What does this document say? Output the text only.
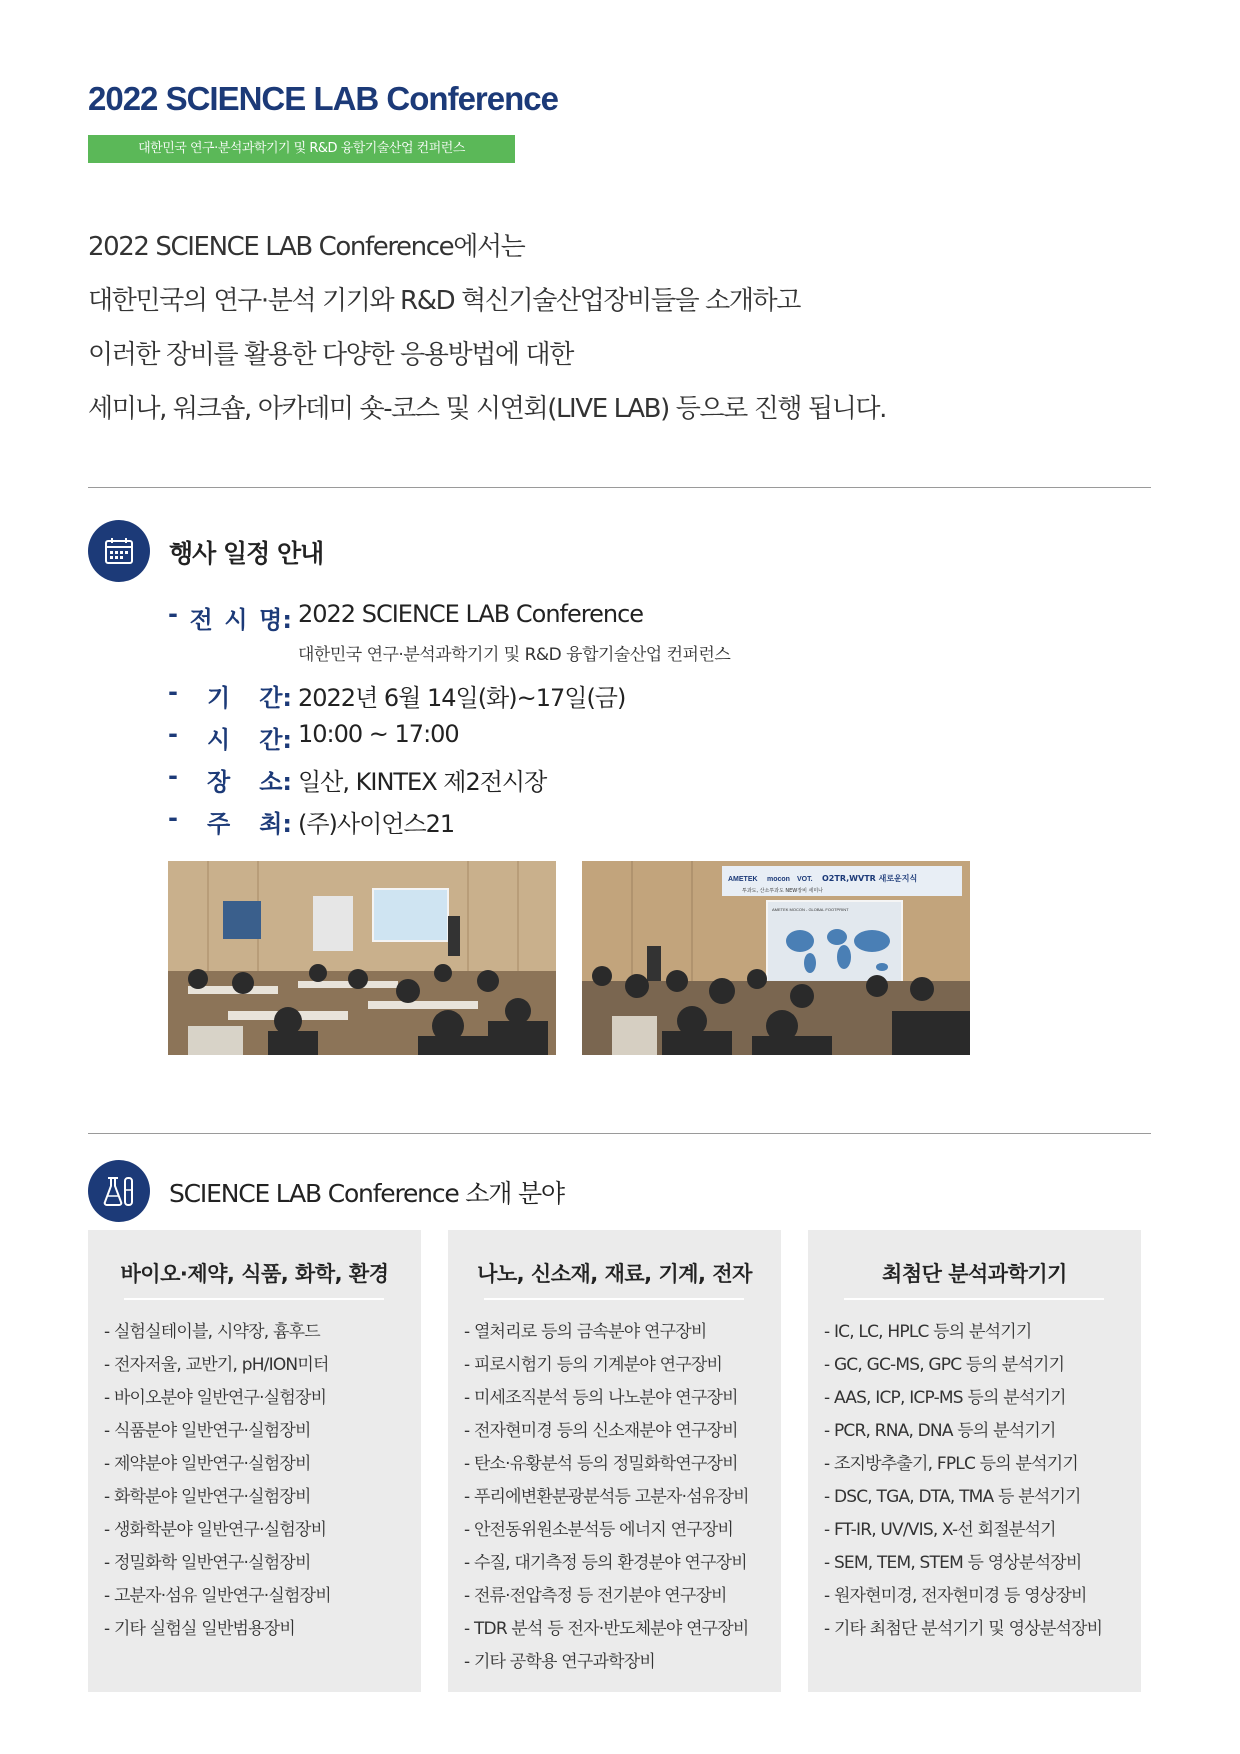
2022 SCIENCE LAB Conference
대한민국 연구·분석과학기기 및 R&D 융합기술산업 컨퍼런스

2022 SCIENCE LAB Conference에서는

대한민국의 연구·분석 기기와 R&D 혁신기술산업장비들을 소개하고

이러한 장비를 활용한 다양한 응용방법에 대한

세미나, 워크숍, 아카데미 숏-코스 및 시연회(LIVE LAB) 등으로 진행 됩니다.

행사 일정 안내
- 전 시 명: 2022 SCIENCE LAB Conference
대한민국 연구·분석과학기기 및 R&D 융합기술산업 컨퍼런스
- 기 간: 2022년 6월 14일(화)~17일(금)
- 시 간: 10:00 ~ 17:00
- 장 소: 일산, KINTEX 제2전시장
- 주 최: (주)사이언스21
AMETEK mocon VOT. O2TR,WVTR 새로운지식
투과도, 산소투과도 NEW장비 세미나
AMETEK MOCON - GLOBAL FOOTPRINT
SCIENCE LAB Conference 소개 분야
바이오·제약, 식품, 화학, 환경
- 실험실테이블, 시약장, 흄후드
- 전자저울, 교반기, pH/ION미터
- 바이오분야 일반연구·실험장비
- 식품분야 일반연구·실험장비
- 제약분야 일반연구·실험장비
- 화학분야 일반연구·실험장비
- 생화학분야 일반연구·실험장비
- 정밀화학 일반연구·실험장비
- 고분자·섬유 일반연구·실험장비
- 기타 실험실 일반범용장비
나노, 신소재, 재료, 기계, 전자
- 열처리로 등의 금속분야 연구장비
- 피로시험기 등의 기계분야 연구장비
- 미세조직분석 등의 나노분야 연구장비
- 전자현미경 등의 신소재분야 연구장비
- 탄소·유황분석 등의 정밀화학연구장비
- 푸리에변환분광분석등 고분자·섬유장비
- 안전동위원소분석등 에너지 연구장비
- 수질, 대기측정 등의 환경분야 연구장비
- 전류·전압측정 등 전기분야 연구장비
- TDR 분석 등 전자·반도체분야 연구장비
- 기타 공학용 연구과학장비
최첨단 분석과학기기
- IC, LC, HPLC 등의 분석기기
- GC, GC-MS, GPC 등의 분석기기
- AAS, ICP, ICP-MS 등의 분석기기
- PCR, RNA, DNA 등의 분석기기
- 조지방추출기, FPLC 등의 분석기기
- DSC, TGA, DTA, TMA 등 분석기기
- FT-IR, UV/VIS, X-선 회절분석기
- SEM, TEM, STEM 등 영상분석장비
- 원자현미경, 전자현미경 등 영상장비
- 기타 최첨단 분석기기 및 영상분석장비
